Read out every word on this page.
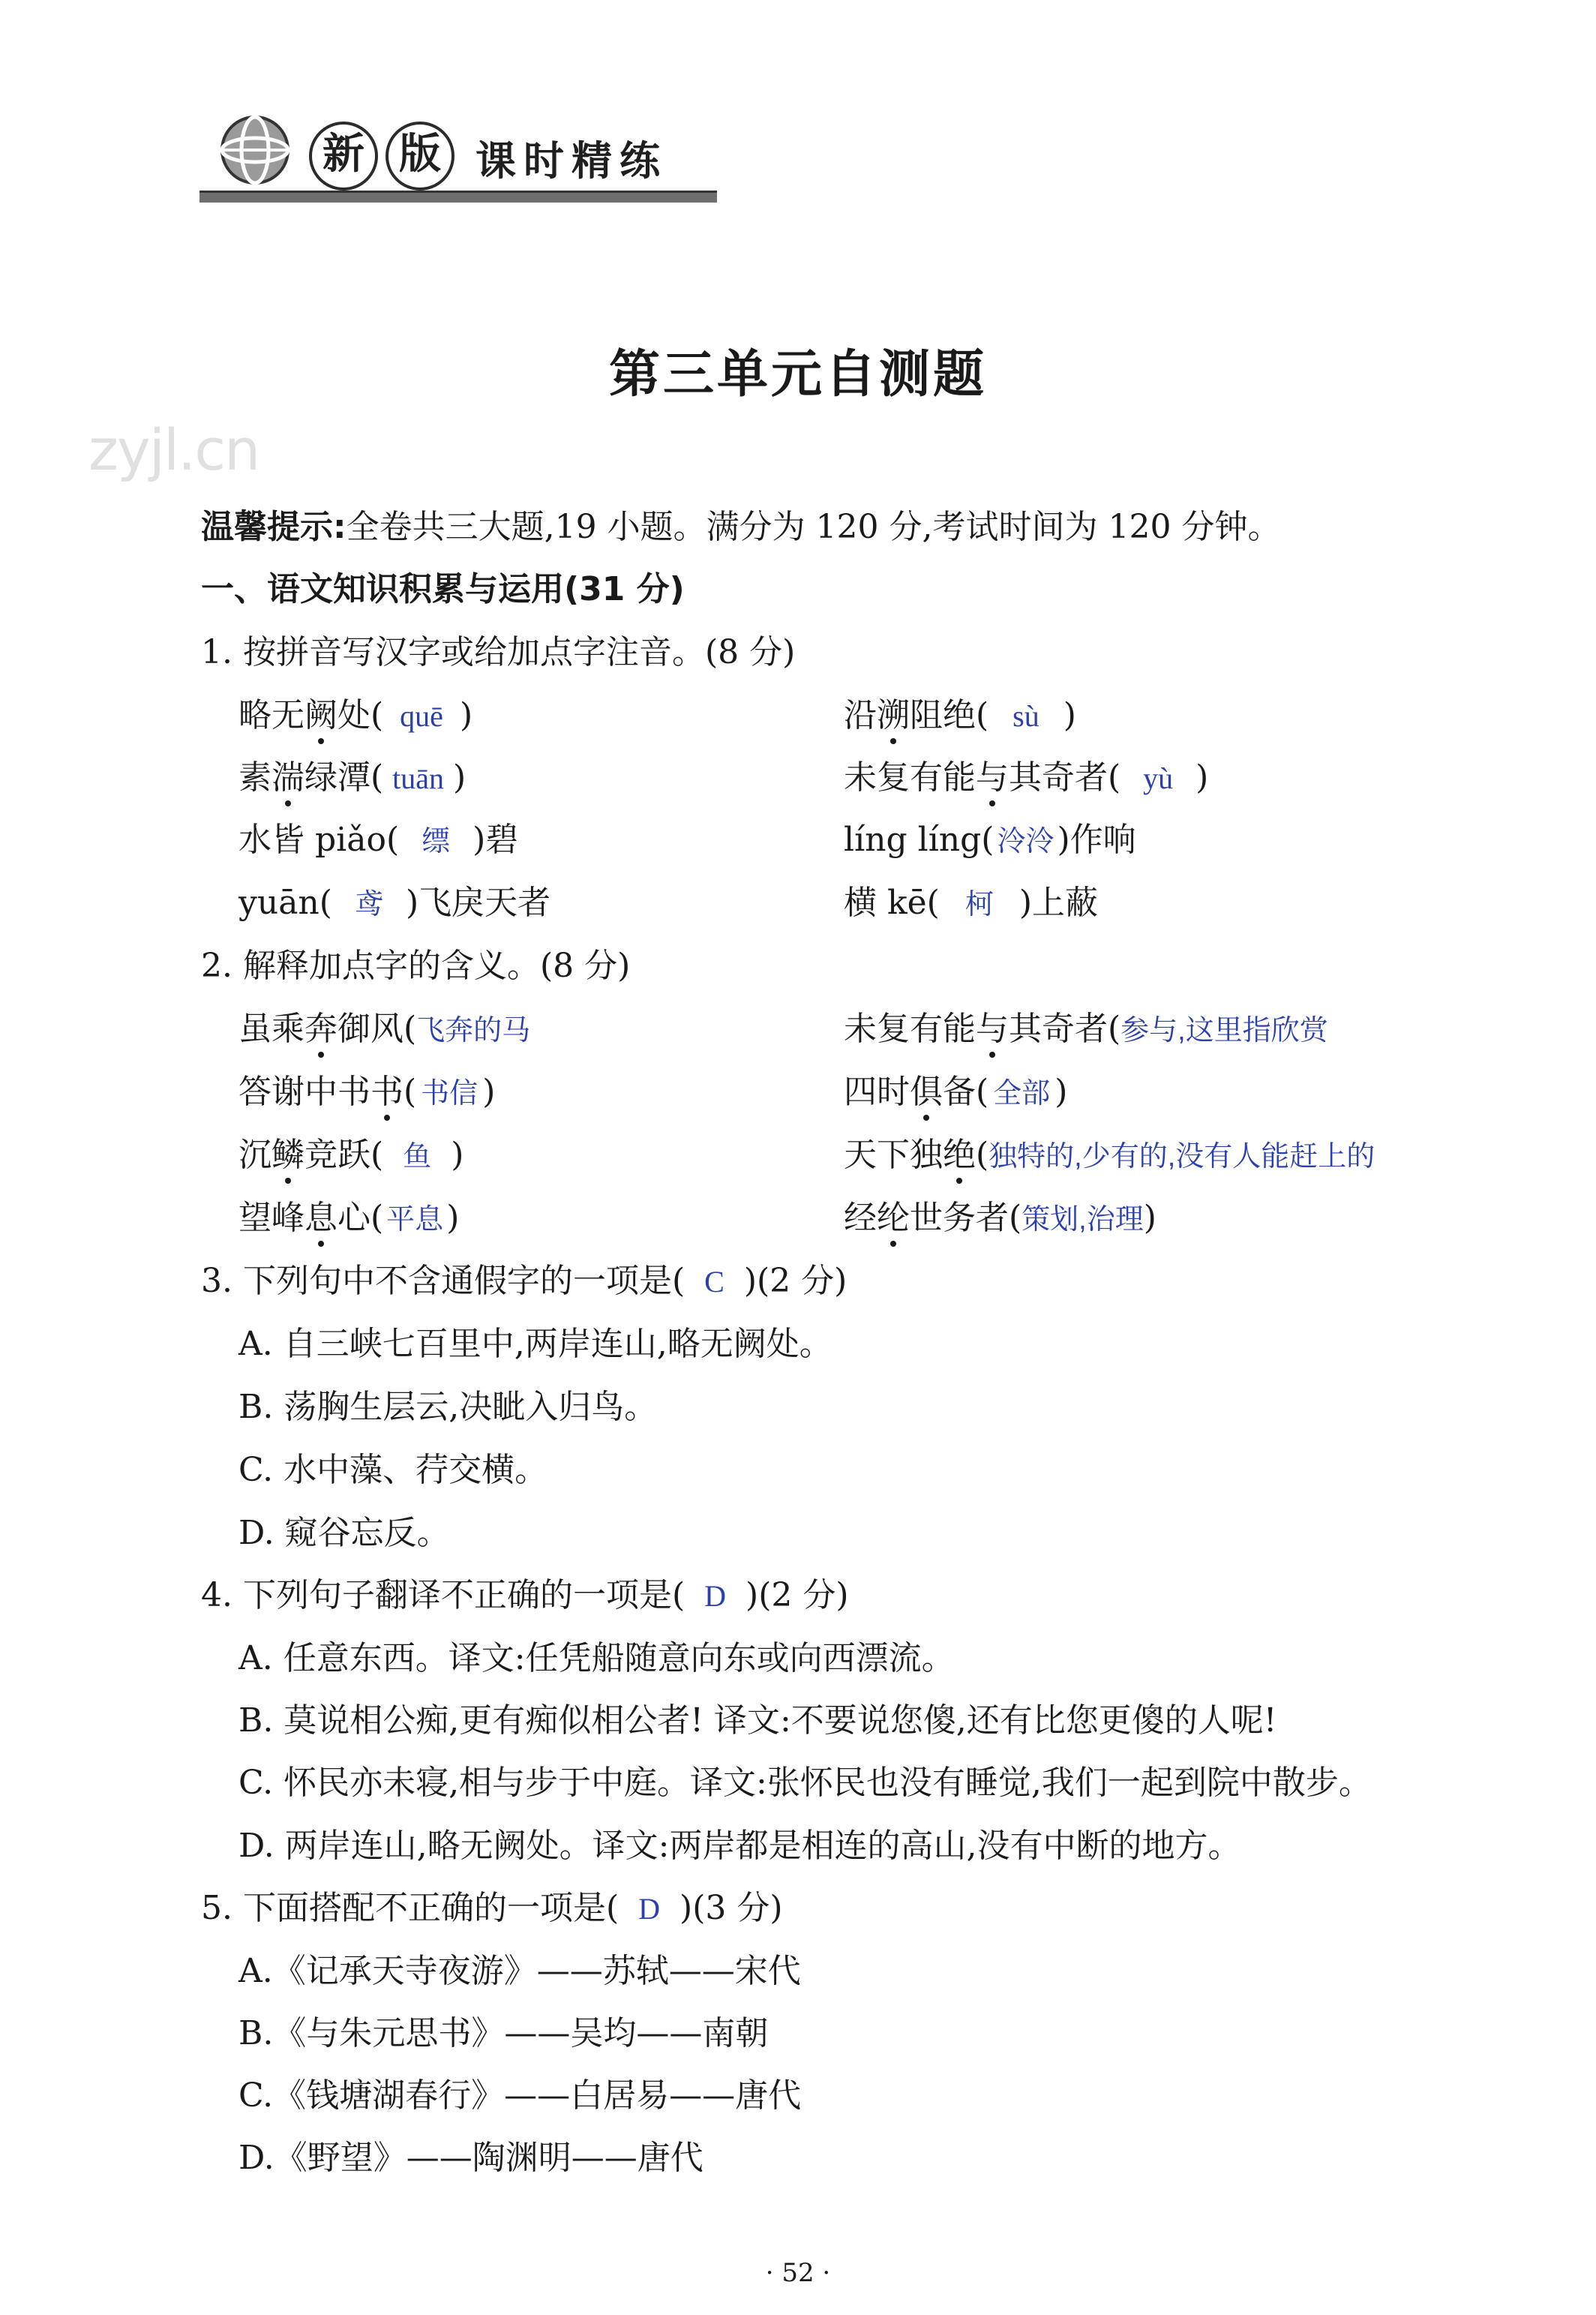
新 版 课时精练
第三单元自测题
zyjl.cn
温馨提示:全卷共三大题,19 小题。满分为 120 分,考试时间为 120 分钟。
一、语文知识积累与运用(31 分)
1. 按拼音写汉字或给加点字注音。(8 分)
略无阙处( quē )	沿溯阻绝( sù )
素湍绿潭( tuān )	未复有能与其奇者( yù )
水皆 piǎo( 缥 )碧	líng líng( 泠泠)作响
yuān( 鸢 )飞戾天者	横 kē( 柯 )上蔽
2. 解释加点字的含义。(8 分)
虽乘奔御风(飞奔的马	未复有能与其奇者(参与,这里指欣赏
答谢中书书( 书信 )	四时俱备( 全部 )
沉鳞竞跃( 鱼 )	天下独绝(独特的,少有的,没有人能赶上的
望峰息心( 平息)	经纶世务者(策划,治理)
3. 下列句中不含通假字的一项是( C )(2 分)
A. 自三峡七百里中,两岸连山,略无阙处。
B. 荡胸生层云,决眦入归鸟。
C. 水中藻、荇交横。
D. 窥谷忘反。
4. 下列句子翻译不正确的一项是( D )(2 分)
A. 任意东西。译文:任凭船随意向东或向西漂流。
B. 莫说相公痴,更有痴似相公者! 译文:不要说您傻,还有比您更傻的人呢!
C. 怀民亦未寝,相与步于中庭。译文:张怀民也没有睡觉,我们一起到院中散步。
D. 两岸连山,略无阙处。译文:两岸都是相连的高山,没有中断的地方。
5. 下面搭配不正确的一项是( D )(3 分)
A.《记承天寺夜游》——苏轼——宋代
B.《与朱元思书》——吴均——南朝
C.《钱塘湖春行》——白居易——唐代
D.《野望》——陶渊明——唐代
· 52 ·
